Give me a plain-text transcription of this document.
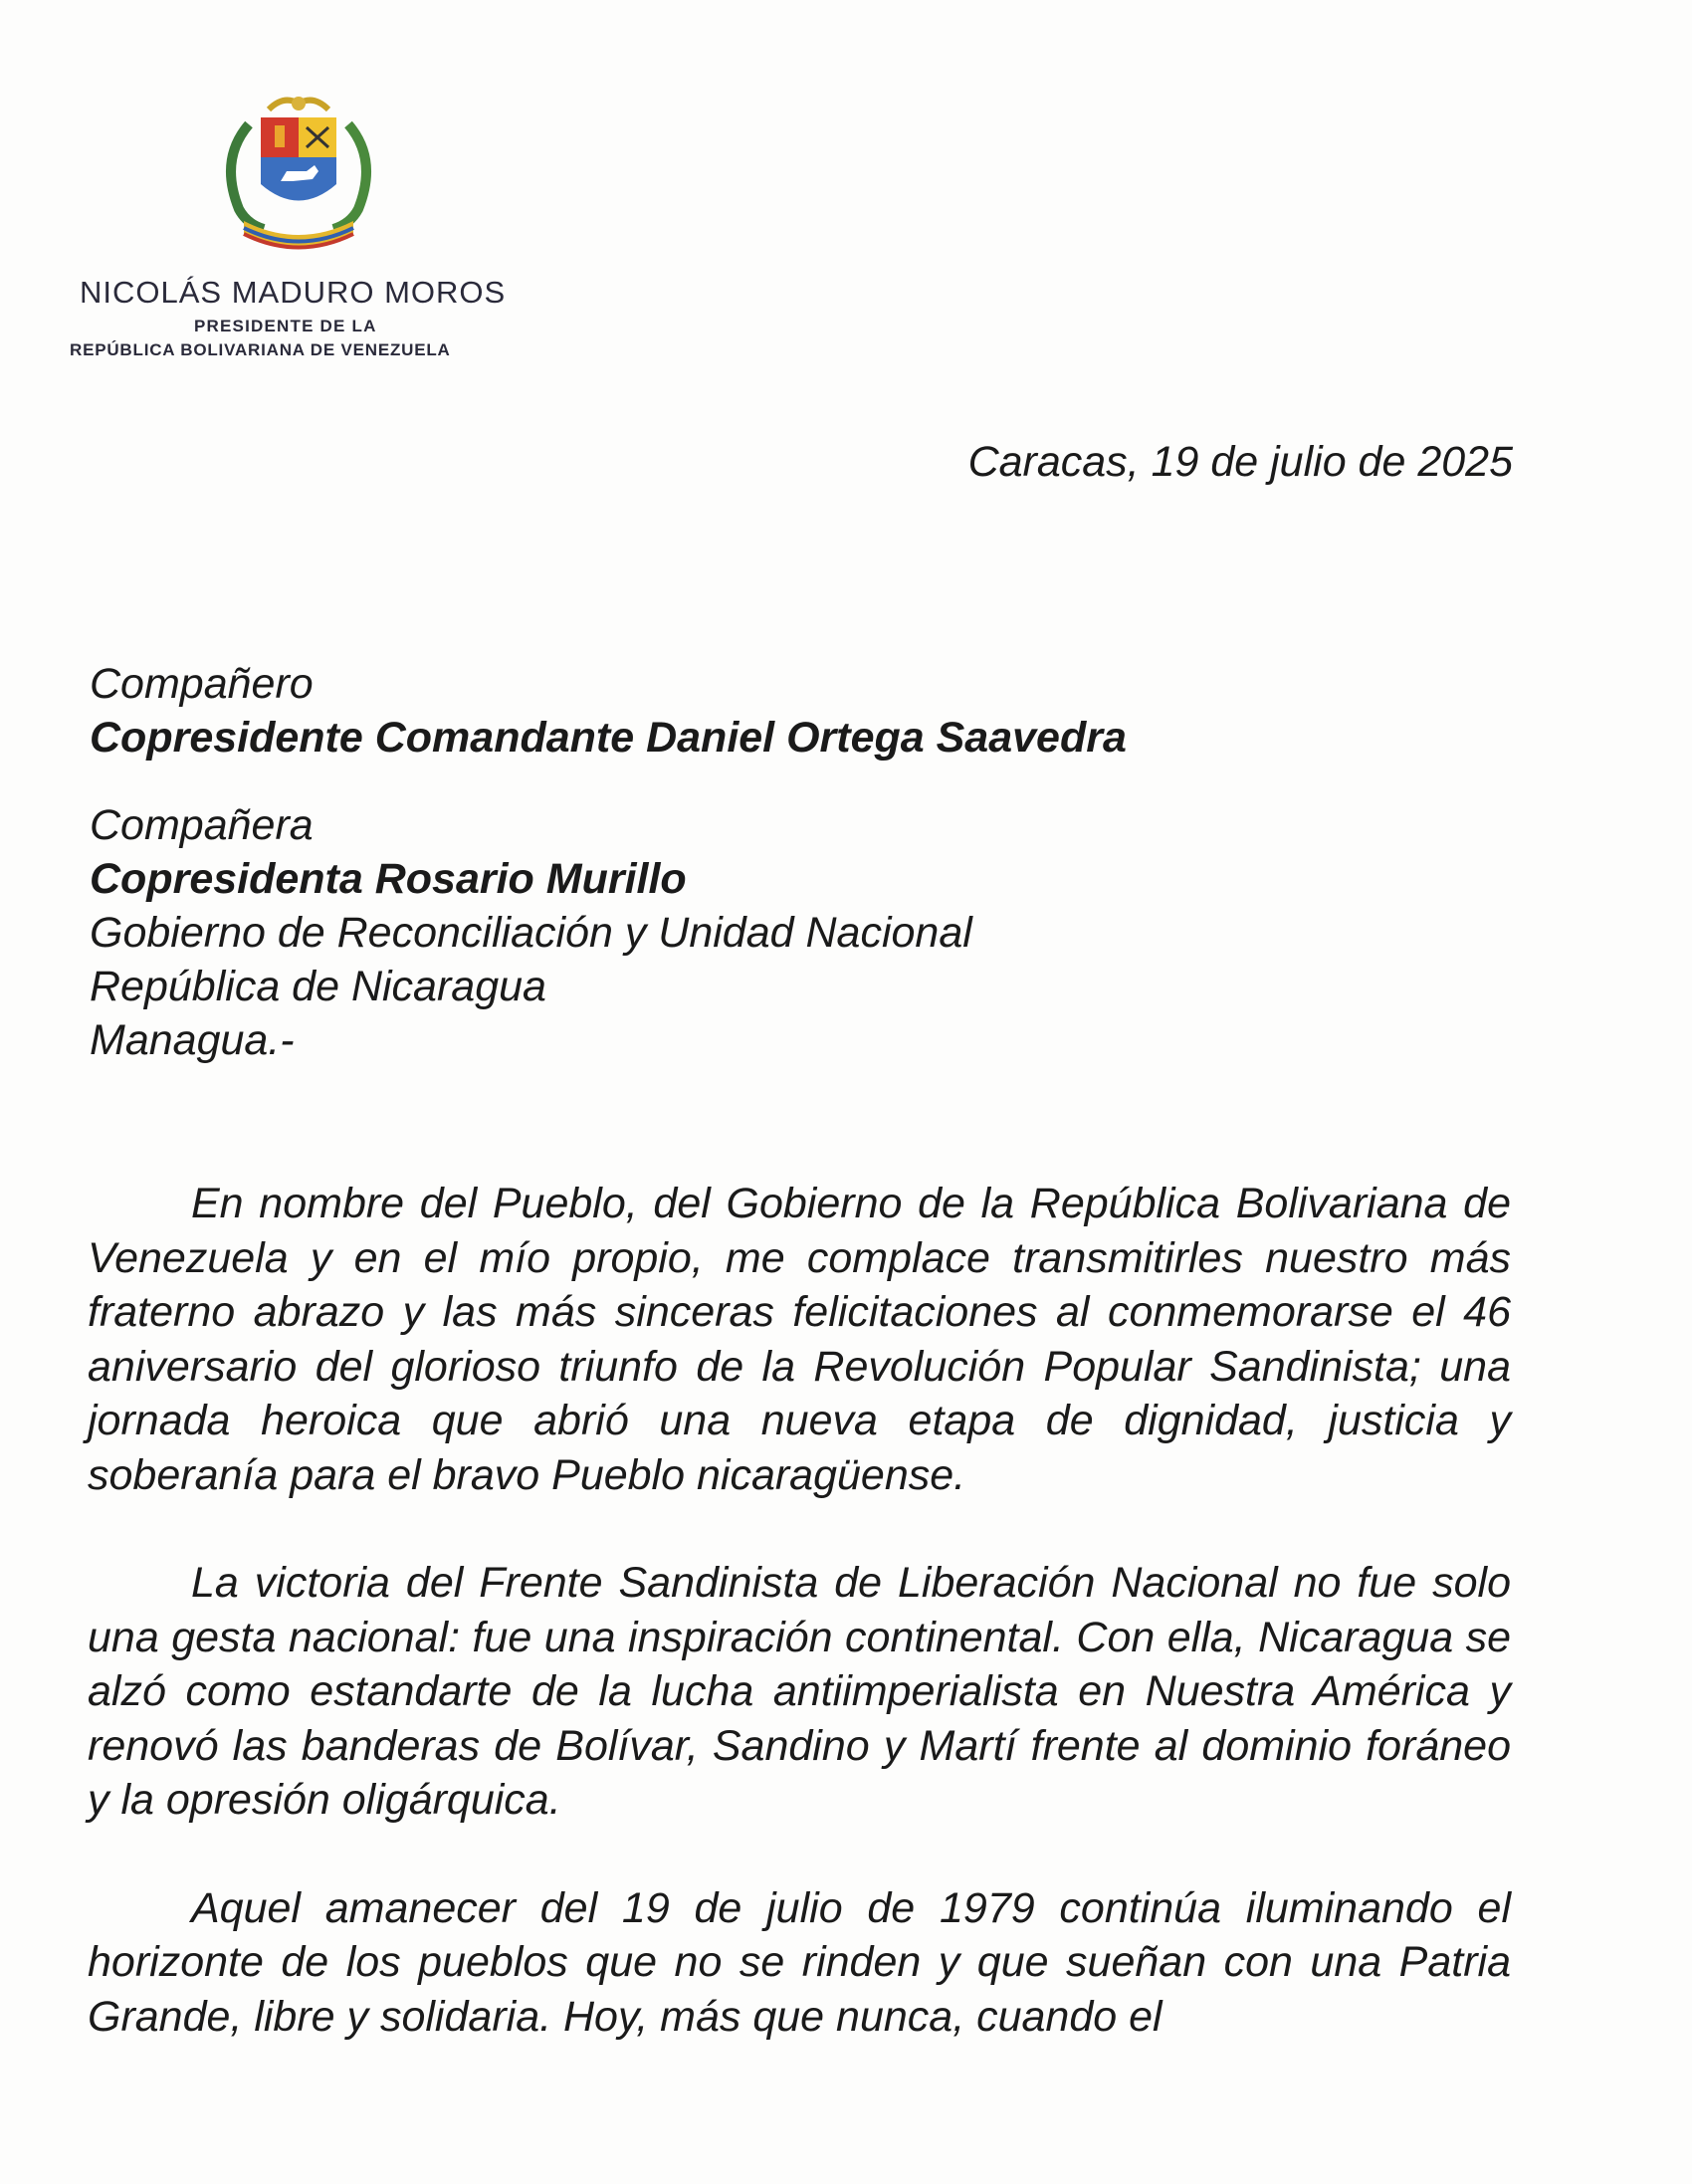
NICOLÁS MADURO MOROS
PRESIDENTE DE LA
REPÚBLICA BOLIVARIANA DE VENEZUELA
Caracas, 19 de julio de 2025
Compañero
Copresidente Comandante Daniel Ortega Saavedra
Compañera
Copresidenta Rosario Murillo
Gobierno de Reconciliación y Unidad Nacional
República de Nicaragua
Managua.-

En nombre del Pueblo, del Gobierno de la República Bolivariana de Venezuela y en el mío propio, me complace transmitirles nuestro más fraterno abrazo y las más sinceras felicitaciones al conmemorarse el 46 aniversario del glorioso triunfo de la Revolución Popular Sandinista; una jornada heroica que abrió una nueva etapa de dignidad, justicia y soberanía para el bravo Pueblo nicaragüense.

La victoria del Frente Sandinista de Liberación Nacional no fue solo una gesta nacional: fue una inspiración continental. Con ella, Nicaragua se alzó como estandarte de la lucha antiimperialista en Nuestra América y renovó las banderas de Bolívar, Sandino y Martí frente al dominio foráneo y la opresión oligárquica.

Aquel amanecer del 19 de julio de 1979 continúa iluminando el horizonte de los pueblos que no se rinden y que sueñan con una Patria Grande, libre y solidaria. Hoy, más que nunca, cuando el
